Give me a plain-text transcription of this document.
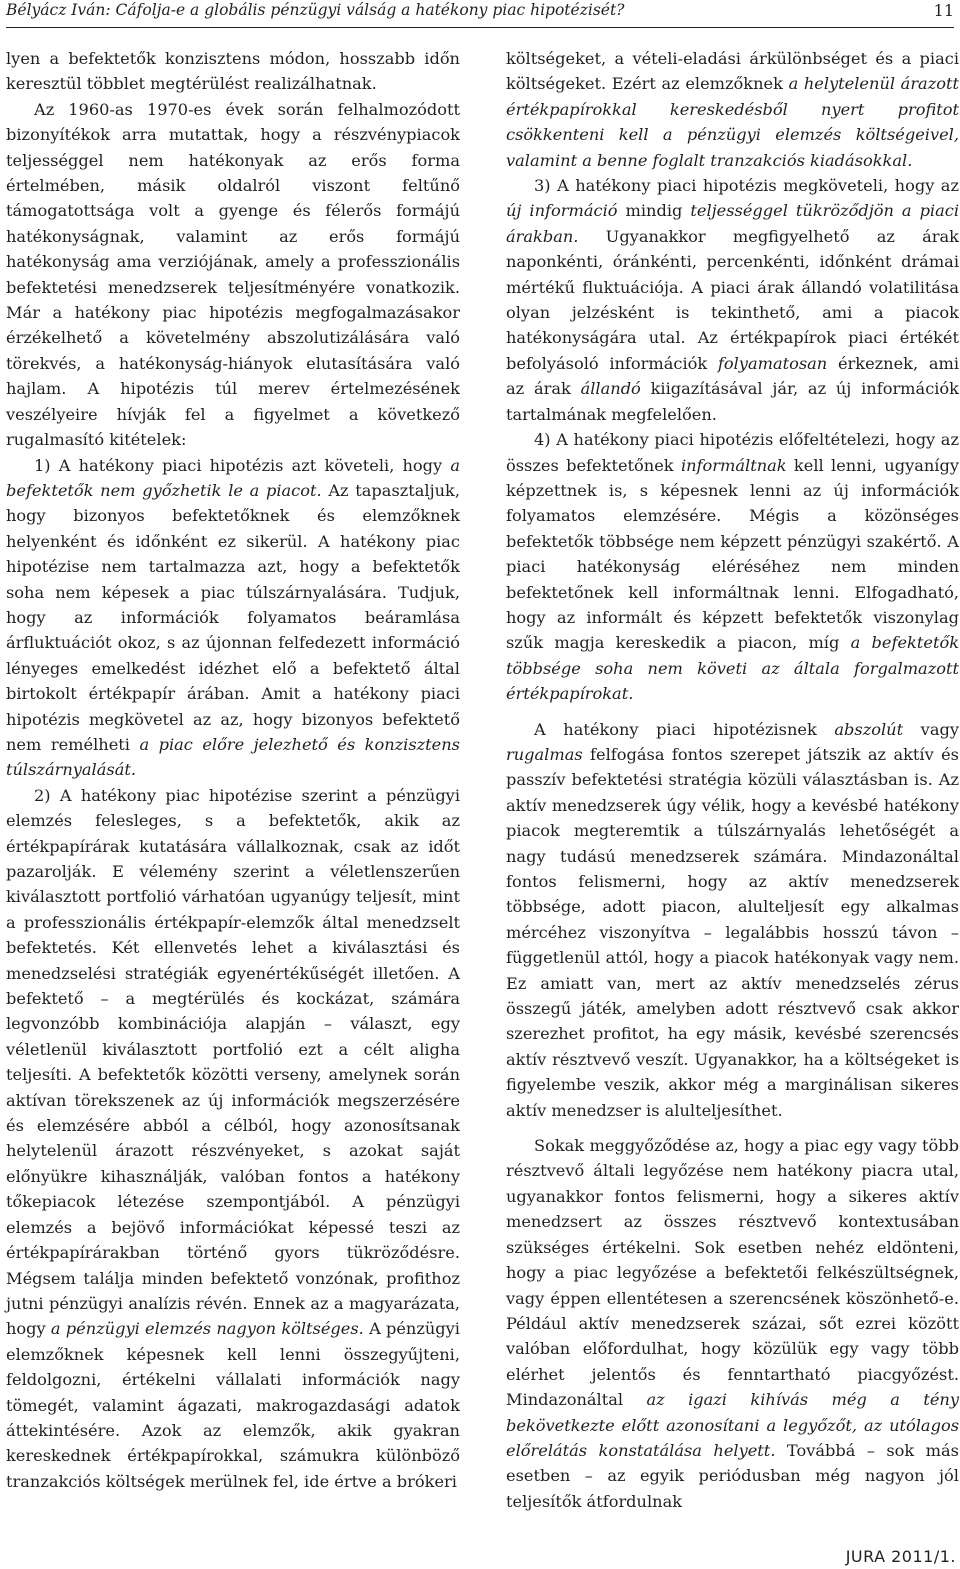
Bélyácz Iván: Cáfolja-e a globális pénzügyi válság a hatékony piac hipotézisét?	11

lyen a befektetők konzisztens módon, hosszabb időn keresztül többlet megtérülést realizálhatnak.

Az 1960-as 1970-es évek során felhalmozódott bizonyítékok arra mutattak, hogy a részvénypiacok teljességgel nem hatékonyak az erős forma értelmében, másik oldalról viszont feltűnő támogatottsága volt a gyenge és félerős formájú hatékonyságnak, valamint az erős formájú hatékonyság ama verziójának, amely a professzionális befektetési menedzserek teljesítményére vonatkozik. Már a hatékony piac hipotézis megfogalmazásakor érzékelhető a követelmény abszolutizálására való törekvés, a hatékonyság-hiányok elutasítására való hajlam. A hipotézis túl merev értelmezésének veszélyeire hívják fel a figyelmet a következő rugalmasító kitételek:

1) A hatékony piaci hipotézis azt követeli, hogy a befektetők nem győzhetik le a piacot. Az tapasztaljuk, hogy bizonyos befektetőknek és elemzőknek helyenként és időnként ez sikerül. A hatékony piac hipotézise nem tartalmazza azt, hogy a befektetők soha nem képesek a piac túlszárnyalására. Tudjuk, hogy az információk folyamatos beáramlása árfluktuációt okoz, s az újonnan felfedezett információ lényeges emelkedést idézhet elő a befektető által birtokolt értékpapír árában. Amit a hatékony piaci hipotézis megkövetel az az, hogy bizonyos befektető nem remélheti a piac előre jelezhető és konzisztens túlszárnyalását.

2) A hatékony piac hipotézise szerint a pénzügyi elemzés felesleges, s a befektetők, akik az értékpapírárak kutatására vállalkoznak, csak az időt pazarolják. E vélemény szerint a véletlenszerűen kiválasztott portfolió várhatóan ugyanúgy teljesít, mint a professzionális értékpapír-elemzők által menedzselt befektetés. Két ellenvetés lehet a kiválasztási és menedzselési stratégiák egyenértékűségét illetően. A befektető – a megtérülés és kockázat, számára legvonzóbb kombinációja alapján – választ, egy véletlenül kiválasztott portfolió ezt a célt aligha teljesíti. A befektetők közötti verseny, amelynek során aktívan törekszenek az új információk megszerzésére és elemzésére abból a célból, hogy azonosítsanak helytelenül árazott részvényeket, s azokat saját előnyükre kihasználják, valóban fontos a hatékony tőkepiacok létezése szempontjából. A pénzügyi elemzés a bejövő információkat képessé teszi az értékpapírárakban történő gyors tükröződésre. Mégsem találja minden befektető vonzónak, profithoz jutni pénzügyi analízis révén. Ennek az a magyarázata, hogy a pénzügyi elemzés nagyon költséges. A pénzügyi elemzőknek képesnek kell lenni összegyűjteni, feldolgozni, értékelni vállalati információk nagy tömegét, valamint ágazati, makrogazdasági adatok áttekintésére. Azok az elemzők, akik gyakran kereskednek értékpapírokkal, számukra különböző tranzakciós költségek merülnek fel, ide értve a brókeri

költségeket, a vételi-eladási árkülönbséget és a piaci költségeket. Ezért az elemzőknek a helytelenül árazott értékpapírokkal kereskedésből nyert profitot csökkenteni kell a pénzügyi elemzés költségeivel, valamint a benne foglalt tranzakciós kiadásokkal.

3) A hatékony piaci hipotézis megköveteli, hogy az új információ mindig teljességgel tükröződjön a piaci árakban. Ugyanakkor megfigyelhető az árak naponkénti, óránkénti, percenkénti, időnként drámai mértékű fluktuációja. A piaci árak állandó volatilitása olyan jelzésként is tekinthető, ami a piacok hatékonyságára utal. Az értékpapírok piaci értékét befolyásoló információk folyamatosan érkeznek, ami az árak állandó kiigazításával jár, az új információk tartalmának megfelelően.

4) A hatékony piaci hipotézis előfeltételezi, hogy az összes befektetőnek informáltnak kell lenni, ugyanígy képzettnek is, s képesnek lenni az új információk folyamatos elemzésére. Mégis a közönséges befektetők többsége nem képzett pénzügyi szakértő. A piaci hatékonyság eléréséhez nem minden befektetőnek kell informáltnak lenni. Elfogadható, hogy az informált és képzett befektetők viszonylag szűk magja kereskedik a piacon, míg a befektetők többsége soha nem követi az általa forgalmazott értékpapírokat.

A hatékony piaci hipotézisnek abszolút vagy rugalmas felfogása fontos szerepet játszik az aktív és passzív befektetési stratégia közüli választásban is. Az aktív menedzserek úgy vélik, hogy a kevésbé hatékony piacok megteremtik a túlszárnyalás lehetőségét a nagy tudású menedzserek számára. Mindazonáltal fontos felismerni, hogy az aktív menedzserek többsége, adott piacon, alulteljesít egy alkalmas mércéhez viszonyítva – legalábbis hosszú távon – függetlenül attól, hogy a piacok hatékonyak vagy nem. Ez amiatt van, mert az aktív menedzselés zérus összegű játék, amelyben adott résztvevő csak akkor szerezhet profitot, ha egy másik, kevésbé szerencsés aktív résztvevő veszít. Ugyanakkor, ha a költségeket is figyelembe veszik, akkor még a marginálisan sikeres aktív menedzser is alulteljesíthet.

Sokak meggyőződése az, hogy a piac egy vagy több résztvevő általi legyőzése nem hatékony piacra utal, ugyanakkor fontos felismerni, hogy a sikeres aktív menedzsert az összes résztvevő kontextusában szükséges értékelni. Sok esetben nehéz eldönteni, hogy a piac legyőzése a befektetői felkészültségnek, vagy éppen ellentétesen a szerencsének köszönhető-e. Például aktív menedzserek százai, sőt ezrei között valóban előfordulhat, hogy közülük egy vagy több elérhet jelentős és fenntartható piacgyőzést. Mindazonáltal az igazi kihívás még a tény bekövetkezte előtt azonosítani a legyőzőt, az utólagos előrelátás konstatálása helyett. Továbbá – sok más esetben – az egyik periódusban még nagyon jól teljesítők átfordulnak

JURA 2011/1.
